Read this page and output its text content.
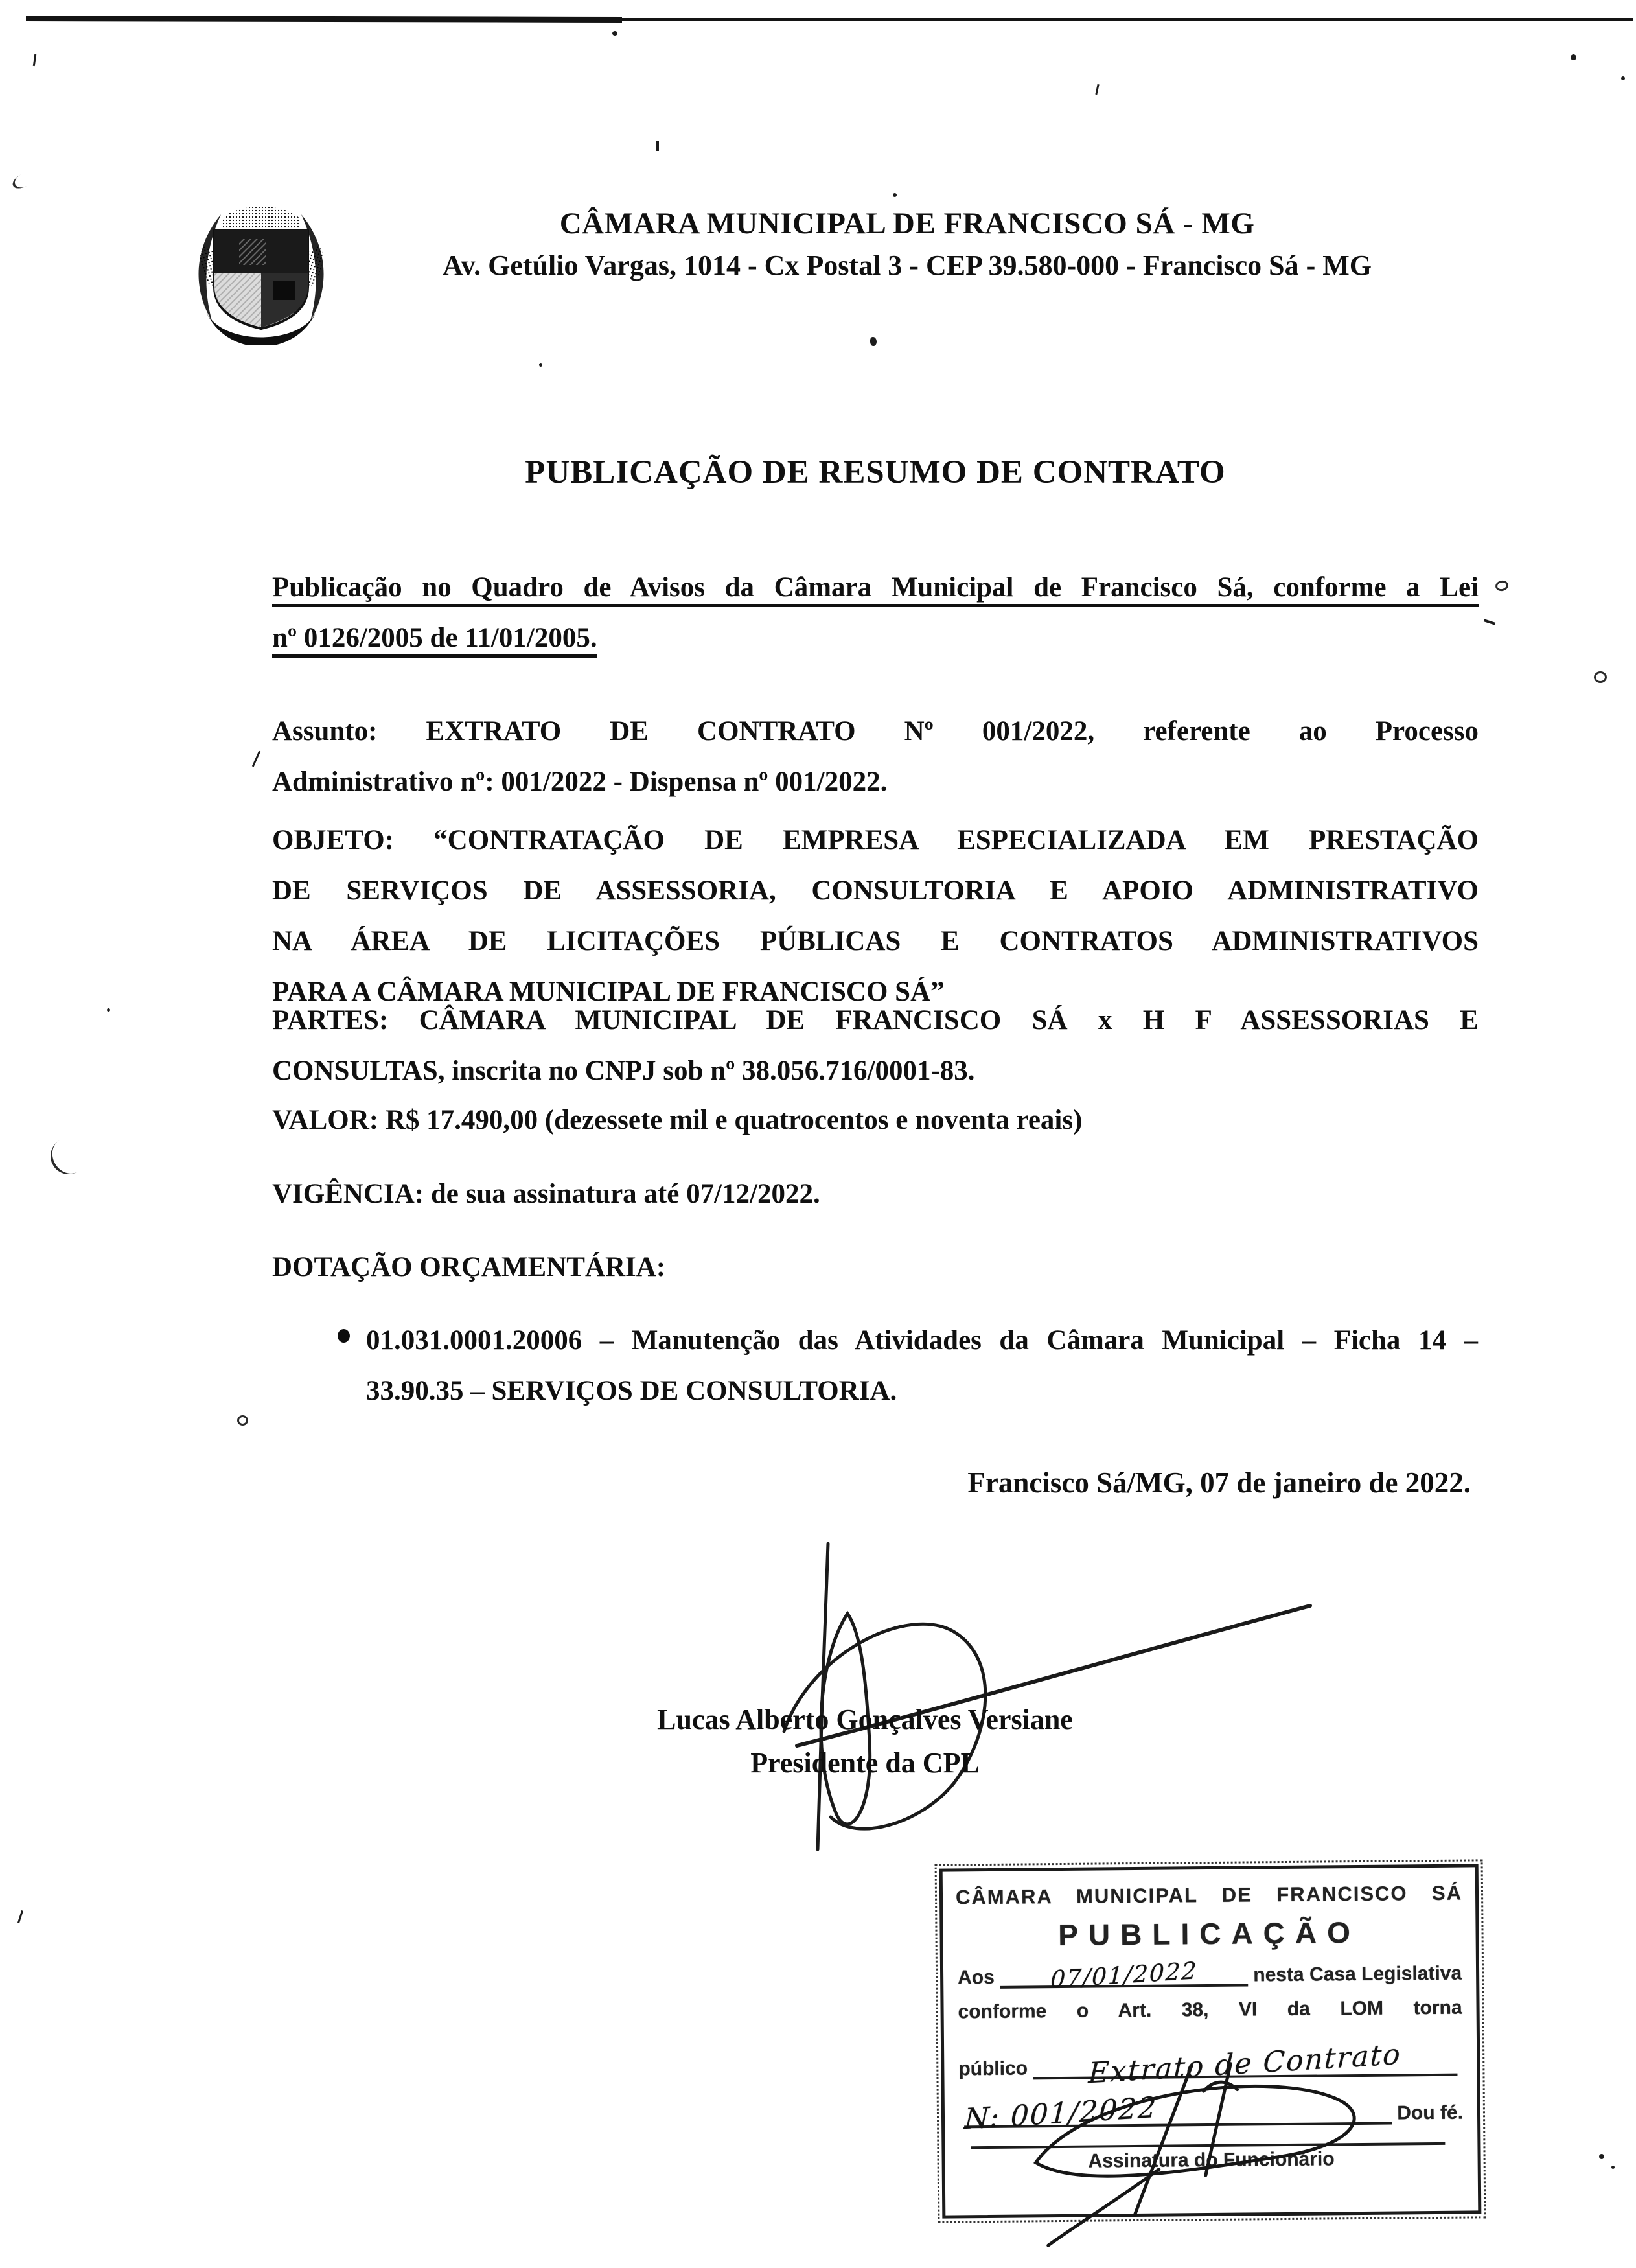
CÂMARA MUNICIPAL DE FRANCISCO SÁ - MG
Av. Getúlio Vargas, 1014 - Cx Postal 3 - CEP 39.580-000 - Francisco Sá - MG
PUBLICAÇÃO DE RESUMO DE CONTRATO
Publicação no Quadro de Avisos da Câmara Municipal de Francisco Sá, conforme a Lei
nº 0126/2005 de 11/01/2005.
Assunto: EXTRATO DE CONTRATO Nº 001/2022, referente ao Processo
Administrativo nº: 001/2022 - Dispensa nº 001/2022.
OBJETO: “CONTRATAÇÃO DE EMPRESA ESPECIALIZADA EM PRESTAÇÃO
DE SERVIÇOS DE ASSESSORIA, CONSULTORIA E APOIO ADMINISTRATIVO
NA ÁREA DE LICITAÇÕES PÚBLICAS E CONTRATOS ADMINISTRATIVOS
PARA A CÂMARA MUNICIPAL DE FRANCISCO SÁ”
PARTES: CÂMARA MUNICIPAL DE FRANCISCO SÁ x H F ASSESSORIAS E
CONSULTAS, inscrita no CNPJ sob nº 38.056.716/0001-83.
VALOR: R$ 17.490,00 (dezessete mil e quatrocentos e noventa reais)
VIGÊNCIA: de sua assinatura até 07/12/2022.
DOTAÇÃO ORÇAMENTÁRIA:
01.031.0001.20006 – Manutenção das Atividades da Câmara Municipal – Ficha 14 –
33.90.35 – SERVIÇOS DE CONSULTORIA.
Francisco Sá/MG, 07 de janeiro de 2022.
Lucas Alberto Gonçalves Versiane
Presidente da CPL
CÂMARA MUNICIPAL DE FRANCISCO SÁ
PUBLICAÇÃO
Aos	07/01/2022	nesta Casa Legislativa
conforme o Art. 38, VI da LOM torna
público	Extrato de Contrato
N: 001/2022	Dou fé.
Assinatura do Funcionário
